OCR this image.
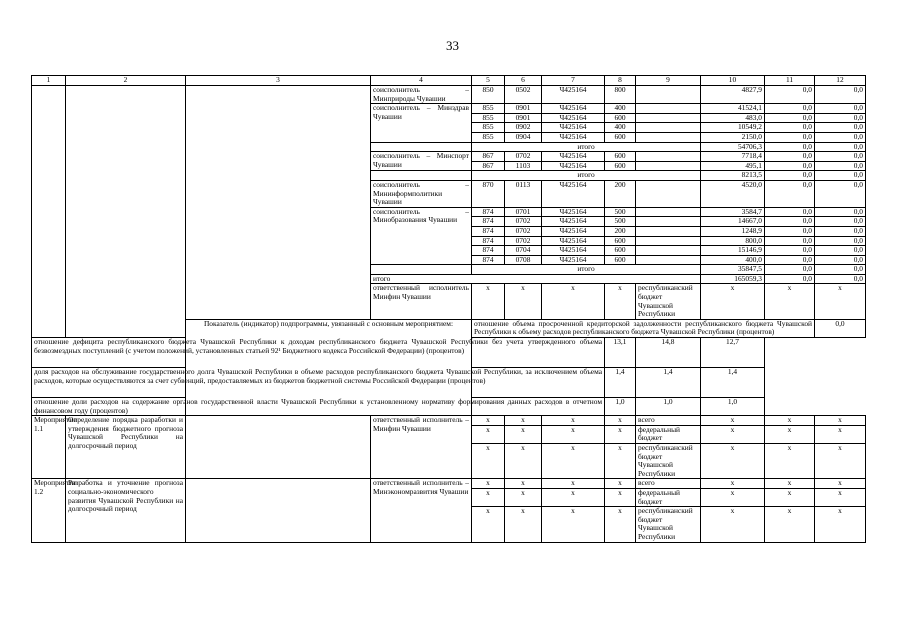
33
1	2	3	4	5	6	7	8	9	10	11	12	
			соисполнитель – Минприроды Чувашии	850	0502	Ч425164	800		4827,9	0,0	0,0	
			соисполнитель – Минздрав Чувашии	855	0901	Ч425164	400		41524,1	0,0	0,0	
				855	0901	Ч425164	600		483,0	0,0	0,0	
				855	0902	Ч425164	400		10549,2	0,0	0,0	
				855	0904	Ч425164	600		2150,0	0,0	0,0	
				итого					54706,3	0,0	0,0	
			соисполнитель – Минспорт Чувашии	867	0702	Ч425164	600		7718,4	0,0	0,0	
				867	1103	Ч425164	600		495,1	0,0	0,0	
				итого					8213,5	0,0	0,0	
			соисполнитель – Мининформполитики Чувашии	870	0113	Ч425164	200		4520,0	0,0	0,0	
			соисполнитель – Минобразования Чувашии	874	0701	Ч425164	500		3584,7	0,0	0,0	
				874	0702	Ч425164	500		14667,0	0,0	0,0	
				874	0702	Ч425164	200		1248,9	0,0	0,0	
				874	0702	Ч425164	600		800,0	0,0	0,0	
				874	0704	Ч425164	600		15146,9	0,0	0,0	
				874	0708	Ч425164	600		400,0	0,0	0,0	
				итого					35847,5	0,0	0,0	
			итого						165059,3	0,0	0,0	
			ответственный исполнитель Минфин Чувашии	x	x	x	x	республиканский бюджет Чувашской Республики	x	x	x	
		Показатель (индикатор) подпрограммы, увязанный с основным мероприятием:		отношение объема просроченной кредиторской задолженности республиканского бюджета Чувашской Республики к объему расходов республиканского бюджета Чувашской Республики (процентов)							0,0		
отношение дефицита республиканского бюджета Чувашской Республики к доходам республиканского бюджета Чувашской Республики без учета утвержденного объема безвозмездных поступлений (с учетом положений, установленных статьей 92¹ Бюджетного кодекса Российской Федерации) (процентов)							13,1	14,8	12,7			
доля расходов на обслуживание государственного долга Чувашской Республики в объеме расходов республиканского бюджета Чувашской Республики, за исключением объема расходов, которые осуществляются за счет субвенций, предоставляемых из бюджетов бюджетной системы Российской Федерации (процентов)							1,4	1,4	1,4			
отношение доли расходов на содержание органов государственной власти Чувашской Республики к установленному нормативу формирования данных расходов в отчетном финансовом году (процентов)							1,0	1,0	1,0			
Мероприятие 1.1	Определение порядка разработки и утверждения бюджетного прогноза Чувашской Республики на долгосрочный период		ответственный исполнитель – Минфин Чувашии	x	x	x	x	всего	x	x	x	
				x	x	x	x	федеральный бюджет	x	x	x	
				x	x	x	x	республиканский бюджет Чувашской Республики	x	x	x	
Мероприятие 1.2	Разработка и уточнение прогноза социально-экономического развития Чувашской Республики на долгосрочный период		ответственный исполнитель – Минэкономразвития Чувашии	x	x	x	x	всего	x	x	x	
				x	x	x	x	федеральный бюджет	x	x	x	
				x	x	x	x	республиканский бюджет Чувашской Республики	x	x	x	
